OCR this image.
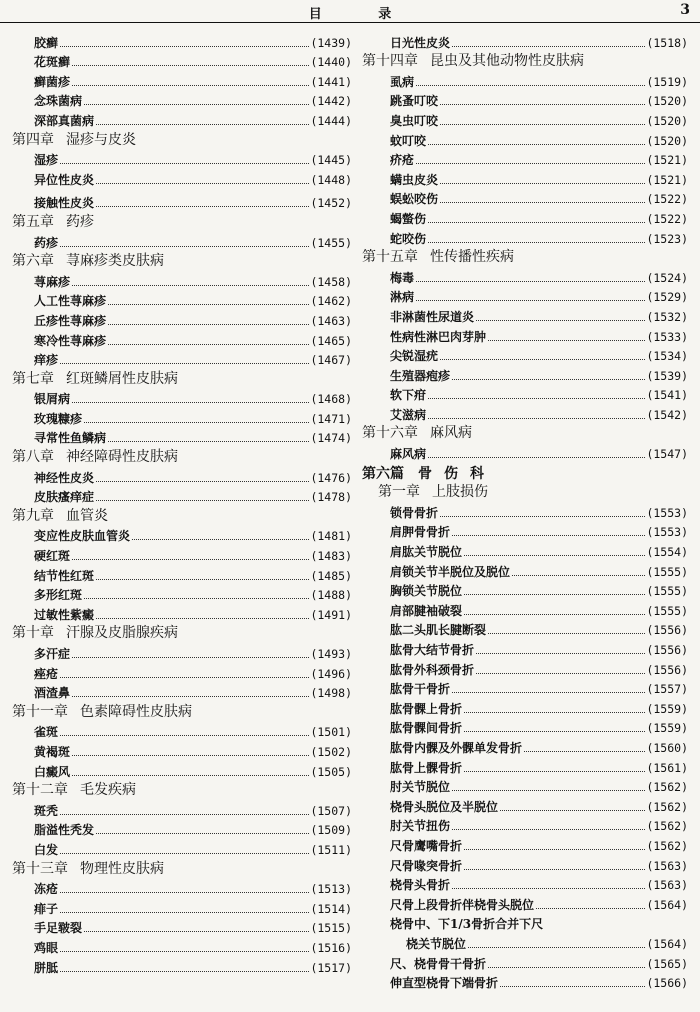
目 录	3
胶癣	(1439)
花斑癣	(1440)
癣菌疹	(1441)
念珠菌病	(1442)
深部真菌病	(1444)
第四章 湿疹与皮炎
湿疹	(1445)
异位性皮炎	(1448)
接触性皮炎	(1452)
第五章 药疹
药疹	(1455)
第六章 荨麻疹类皮肤病
荨麻疹	(1458)
人工性荨麻疹	(1462)
丘疹性荨麻疹	(1463)
寒冷性荨麻疹	(1465)
痒疹	(1467)
第七章 红斑鳞屑性皮肤病
银屑病	(1468)
玫瑰糠疹	(1471)
寻常性鱼鳞病	(1474)
第八章 神经障碍性皮肤病
神经性皮炎	(1476)
皮肤瘙痒症	(1478)
第九章 血管炎
变应性皮肤血管炎	(1481)
硬红斑	(1483)
结节性红斑	(1485)
多形红斑	(1488)
过敏性紫癜	(1491)
第十章 汗腺及皮脂腺疾病
多汗症	(1493)
痤疮	(1496)
酒渣鼻	(1498)
第十一章 色素障碍性皮肤病
雀斑	(1501)
黄褐斑	(1502)
白癜风	(1505)
第十二章 毛发疾病
斑秃	(1507)
脂溢性秃发	(1509)
白发	(1511)
第十三章 物理性皮肤病
冻疮	(1513)
痱子	(1514)
手足皲裂	(1515)
鸡眼	(1516)
胼胝	(1517)
日光性皮炎	(1518)
第十四章 昆虫及其他动物性皮肤病
虱病	(1519)
跳蚤叮咬	(1520)
臭虫叮咬	(1520)
蚊叮咬	(1520)
疥疮	(1521)
螨虫皮炎	(1521)
蜈蚣咬伤	(1522)
蝎螫伤	(1522)
蛇咬伤	(1523)
第十五章 性传播性疾病
梅毒	(1524)
淋病	(1529)
非淋菌性尿道炎	(1532)
性病性淋巴肉芽肿	(1533)
尖锐湿疣	(1534)
生殖器疱疹	(1539)
软下疳	(1541)
艾滋病	(1542)
第十六章 麻风病
麻风病	(1547)
第六篇 骨伤科
第一章 上肢损伤
锁骨骨折	(1553)
肩胛骨骨折	(1553)
肩肱关节脱位	(1554)
肩锁关节半脱位及脱位	(1555)
胸锁关节脱位	(1555)
肩部腱袖破裂	(1555)
肱二头肌长腱断裂	(1556)
肱骨大结节骨折	(1556)
肱骨外科颈骨折	(1556)
肱骨干骨折	(1557)
肱骨髁上骨折	(1559)
肱骨髁间骨折	(1559)
肱骨内髁及外髁单发骨折	(1560)
肱骨上髁骨折	(1561)
肘关节脱位	(1562)
桡骨头脱位及半脱位	(1562)
肘关节扭伤	(1562)
尺骨鹰嘴骨折	(1562)
尺骨喙突骨折	(1563)
桡骨头骨折	(1563)
尺骨上段骨折伴桡骨头脱位	(1564)
桡骨中、下1/3骨折合并下尺
桡关节脱位	(1564)
尺、桡骨骨干骨折	(1565)
伸直型桡骨下端骨折	(1566)
